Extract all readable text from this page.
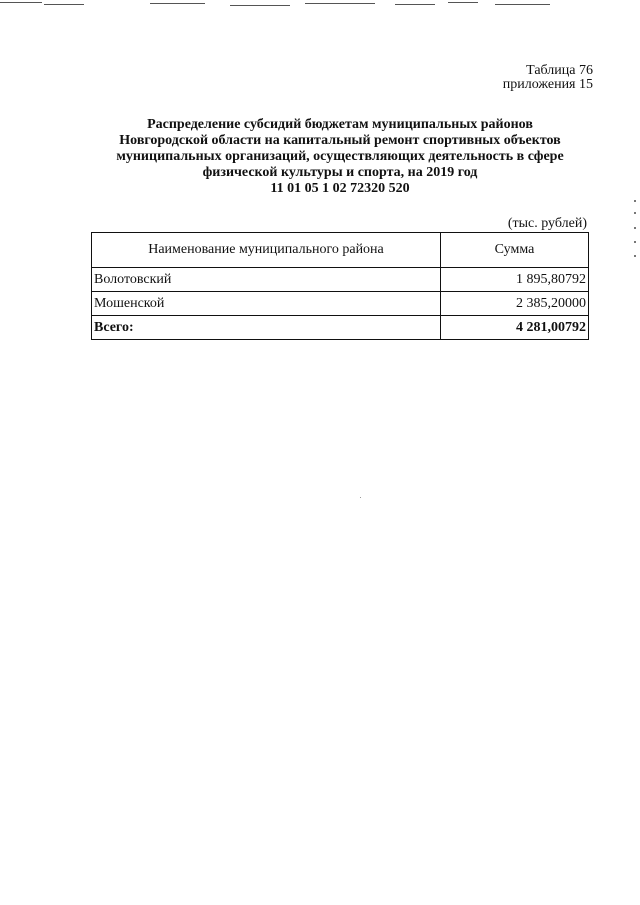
Таблица 76
приложения 15
Распределение субсидий бюджетам муниципальных районов
Новгородской области на капитальный ремонт спортивных объектов
муниципальных организаций, осуществляющих деятельность в сфере
физической культуры и спорта, на 2019 год
11 01 05 1 02 72320 520
(тыс. рублей)
Наименование муниципального района	Сумма
Волотовский	1 895,80792
Мошенской	2 385,20000
Всего:	4 281,00792
